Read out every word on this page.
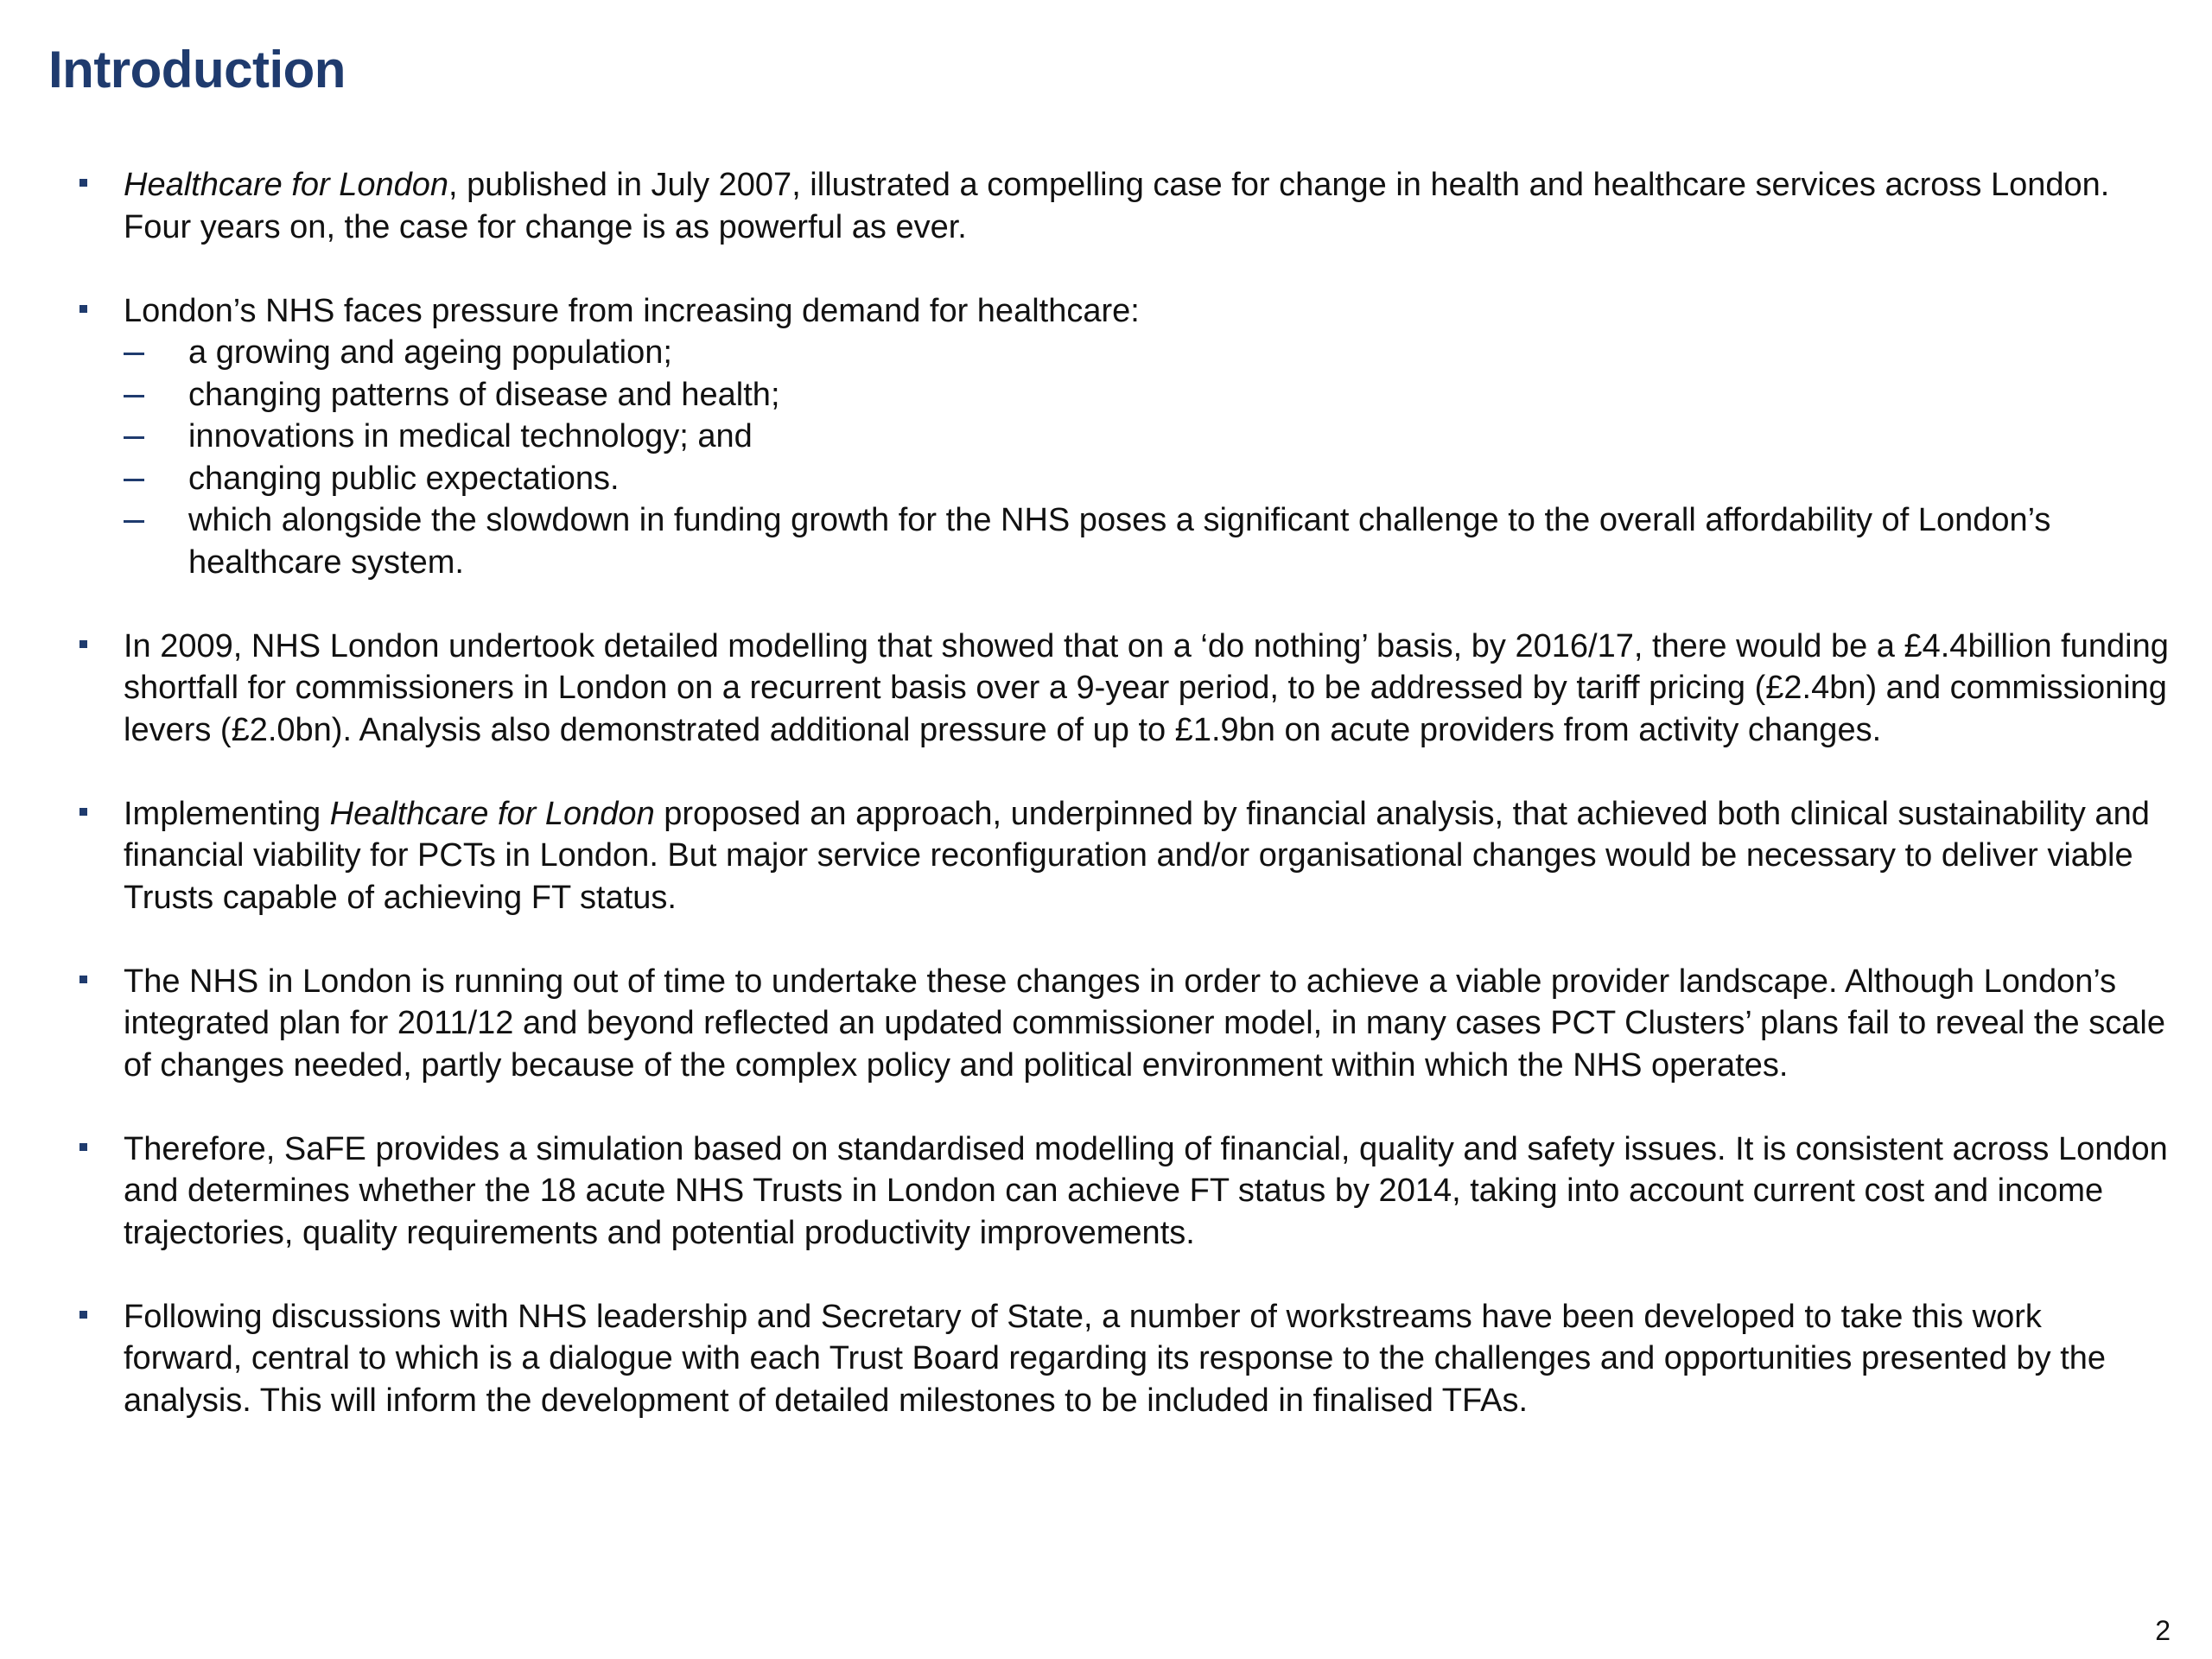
Introduction
Healthcare for London, published in July 2007, illustrated a compelling case for change in health and healthcare services across London. Four years on, the case for change is as powerful as ever.
London’s NHS faces pressure from increasing demand for healthcare:
a growing and ageing population;
changing patterns of disease and health;
innovations in medical technology; and
changing public expectations.
which alongside the slowdown in funding growth for the NHS poses a significant challenge to the overall affordability of London’s healthcare system.
In 2009, NHS London undertook detailed modelling that showed that on a ‘do nothing’ basis, by 2016/17, there would be a £4.4billion funding shortfall for commissioners in London on a recurrent basis over a 9-year period, to be addressed by tariff pricing (£2.4bn) and commissioning levers (£2.0bn). Analysis also demonstrated additional pressure of up to £1.9bn on acute providers from activity changes.
Implementing Healthcare for London proposed an approach, underpinned by financial analysis, that achieved both clinical sustainability and financial viability for PCTs in London. But major service reconfiguration and/or organisational changes would be necessary to deliver viable Trusts capable of achieving FT status.
The NHS in London is running out of time to undertake these changes in order to achieve a viable provider landscape. Although London’s integrated plan for 2011/12 and beyond reflected an updated commissioner model, in many cases PCT Clusters’ plans fail to reveal the scale of changes needed, partly because of the complex policy and political environment within which the NHS operates.
Therefore, SaFE provides a simulation based on standardised modelling of financial, quality and safety issues. It is consistent across London and determines whether the 18 acute NHS Trusts in London can achieve FT status by 2014, taking into account current cost and income trajectories, quality requirements and potential productivity improvements.
Following discussions with NHS leadership and Secretary of State, a number of workstreams have been developed to take this work forward, central to which is a dialogue with each Trust Board regarding its response to the challenges and opportunities presented by the analysis. This will inform the development of detailed milestones to be included in finalised TFAs.
2
